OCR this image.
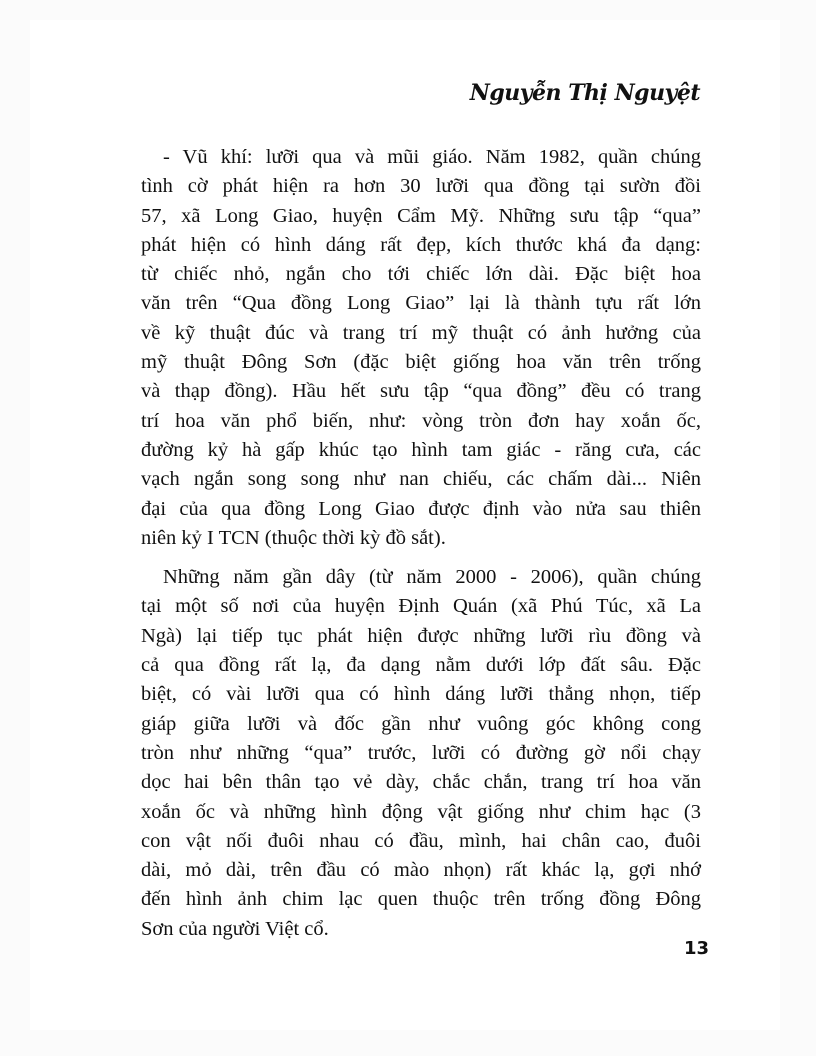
Nguyễn Thị Nguyệt
- Vũ khí: lưỡi qua và mũi giáo. Năm 1982, quần chúng
tình cờ phát hiện ra hơn 30 lưỡi qua đồng tại sườn đồi
57, xã Long Giao, huyện Cẩm Mỹ. Những sưu tập “qua”
phát hiện có hình dáng rất đẹp, kích thước khá đa dạng:
từ chiếc nhỏ, ngắn cho tới chiếc lớn dài. Đặc biệt hoa
văn trên “Qua đồng Long Giao” lại là thành tựu rất lớn
về kỹ thuật đúc và trang trí mỹ thuật có ảnh hưởng của
mỹ thuật Đông Sơn (đặc biệt giống hoa văn trên trống
và thạp đồng). Hầu hết sưu tập “qua đồng” đều có trang
trí hoa văn phổ biến, như: vòng tròn đơn hay xoắn ốc,
đường kỷ hà gấp khúc tạo hình tam giác - răng cưa, các
vạch ngắn song song như nan chiếu, các chấm dài... Niên
đại của qua đồng Long Giao được định vào nửa sau thiên
niên kỷ I TCN (thuộc thời kỳ đồ sắt).
Những năm gần dây (từ năm 2000 - 2006), quần chúng
tại một số nơi của huyện Định Quán (xã Phú Túc, xã La
Ngà) lại tiếp tục phát hiện được những lưỡi rìu đồng và
cả qua đồng rất lạ, đa dạng nằm dưới lớp đất sâu. Đặc
biệt, có vài lưỡi qua có hình dáng lưỡi thẳng nhọn, tiếp
giáp giữa lưỡi và đốc gần như vuông góc không cong
tròn như những “qua” trước, lưỡi có đường gờ nổi chạy
dọc hai bên thân tạo vẻ dày, chắc chắn, trang trí hoa văn
xoắn ốc và những hình động vật giống như chim hạc (3
con vật nối đuôi nhau có đầu, mình, hai chân cao, đuôi
dài, mỏ dài, trên đầu có mào nhọn) rất khác lạ, gợi nhớ
đến hình ảnh chim lạc quen thuộc trên trống đồng Đông
Sơn của người Việt cổ.
13
